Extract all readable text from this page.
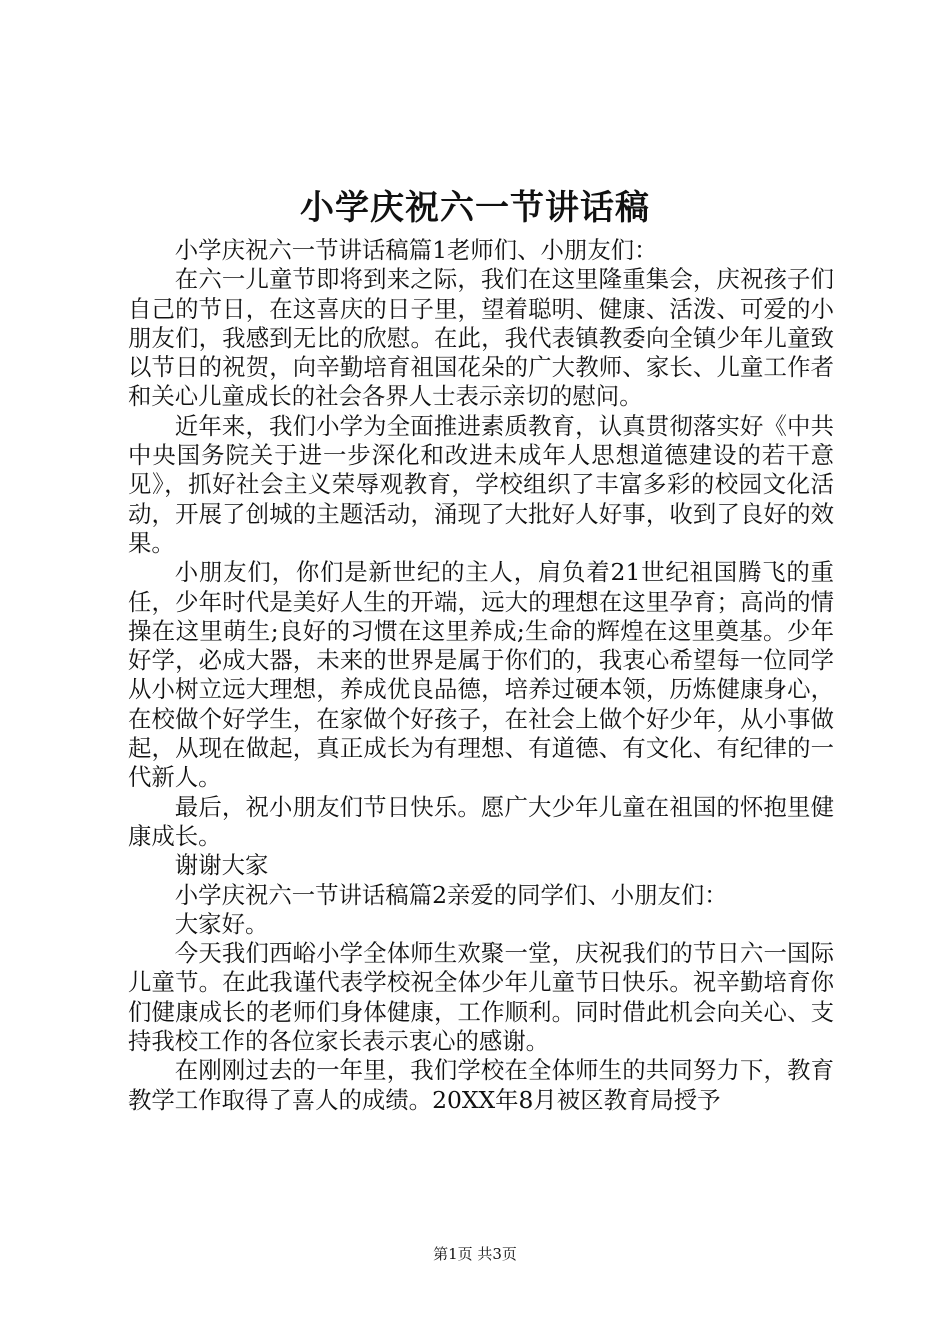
小学庆祝六一节讲话稿

小学庆祝六一节讲话稿篇1老师们、小朋友们：

在六一儿童节即将到来之际，我们在这里隆重集会，庆祝孩子们自己的节日，在这喜庆的日子里，望着聪明、健康、活泼、可爱的小朋友们，我感到无比的欣慰。在此，我代表镇教委向全镇少年儿童致以节日的祝贺，向辛勤培育祖国花朵的广大教师、家长、儿童工作者和关心儿童成长的社会各界人士表示亲切的慰问。

近年来，我们小学为全面推进素质教育，认真贯彻落实好《中共中央国务院关于进一步深化和改进未成年人思想道德建设的若干意见》，抓好社会主义荣辱观教育，学校组织了丰富多彩的校园文化活动，开展了创城的主题活动，涌现了大批好人好事，收到了良好的效果。

小朋友们，你们是新世纪的主人，肩负着21世纪祖国腾飞的重任，少年时代是美好人生的开端，远大的理想在这里孕育；高尚的情操在这里萌生;良好的习惯在这里养成;生命的辉煌在这里奠基。少年好学，必成大器，未来的世界是属于你们的，我衷心希望每一位同学从小树立远大理想，养成优良品德，培养过硬本领，历炼健康身心，在校做个好学生，在家做个好孩子，在社会上做个好少年，从小事做起，从现在做起，真正成长为有理想、有道德、有文化、有纪律的一代新人。

最后，祝小朋友们节日快乐。愿广大少年儿童在祖国的怀抱里健康成长。

谢谢大家

小学庆祝六一节讲话稿篇2亲爱的同学们、小朋友们：

大家好。

今天我们西峪小学全体师生欢聚一堂，庆祝我们的节日六一国际儿童节。在此我谨代表学校祝全体少年儿童节日快乐。祝辛勤培育你们健康成长的老师们身体健康，工作顺利。同时借此机会向关心、支持我校工作的各位家长表示衷心的感谢。

在刚刚过去的一年里，我们学校在全体师生的共同努力下，教育教学工作取得了喜人的成绩。20XX年8月被区教育局授予

第1页 共3页
